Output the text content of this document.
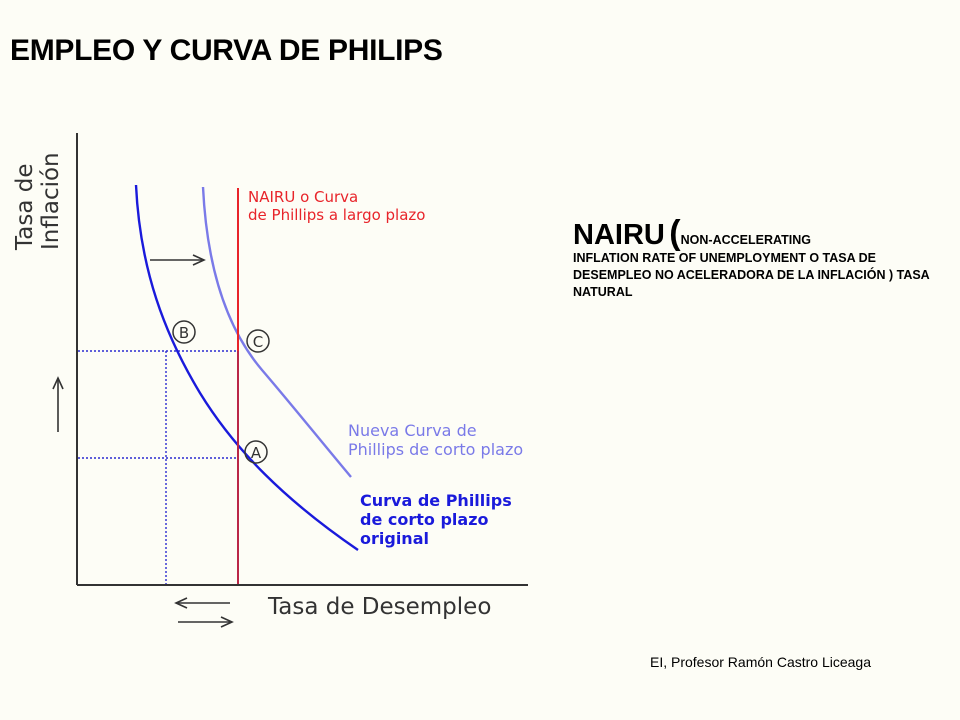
EMPLEO Y CURVA DE PHILIPS
Tasa de Inflación
Tasa de Desempleo
NAIRU o Curva
de Phillips a largo plazo
Nueva Curva de
Phillips de corto plazo
Curva de Phillips
de corto plazo
original
B	C
A
NAIRU (NON-ACCELERATING
INFLATION RATE OF UNEMPLOYMENT O TASA DE DESEMPLEO NO ACELERADORA DE LA INFLACIÓN ) TASA NATURAL
EI, Profesor Ramón Castro Liceaga
